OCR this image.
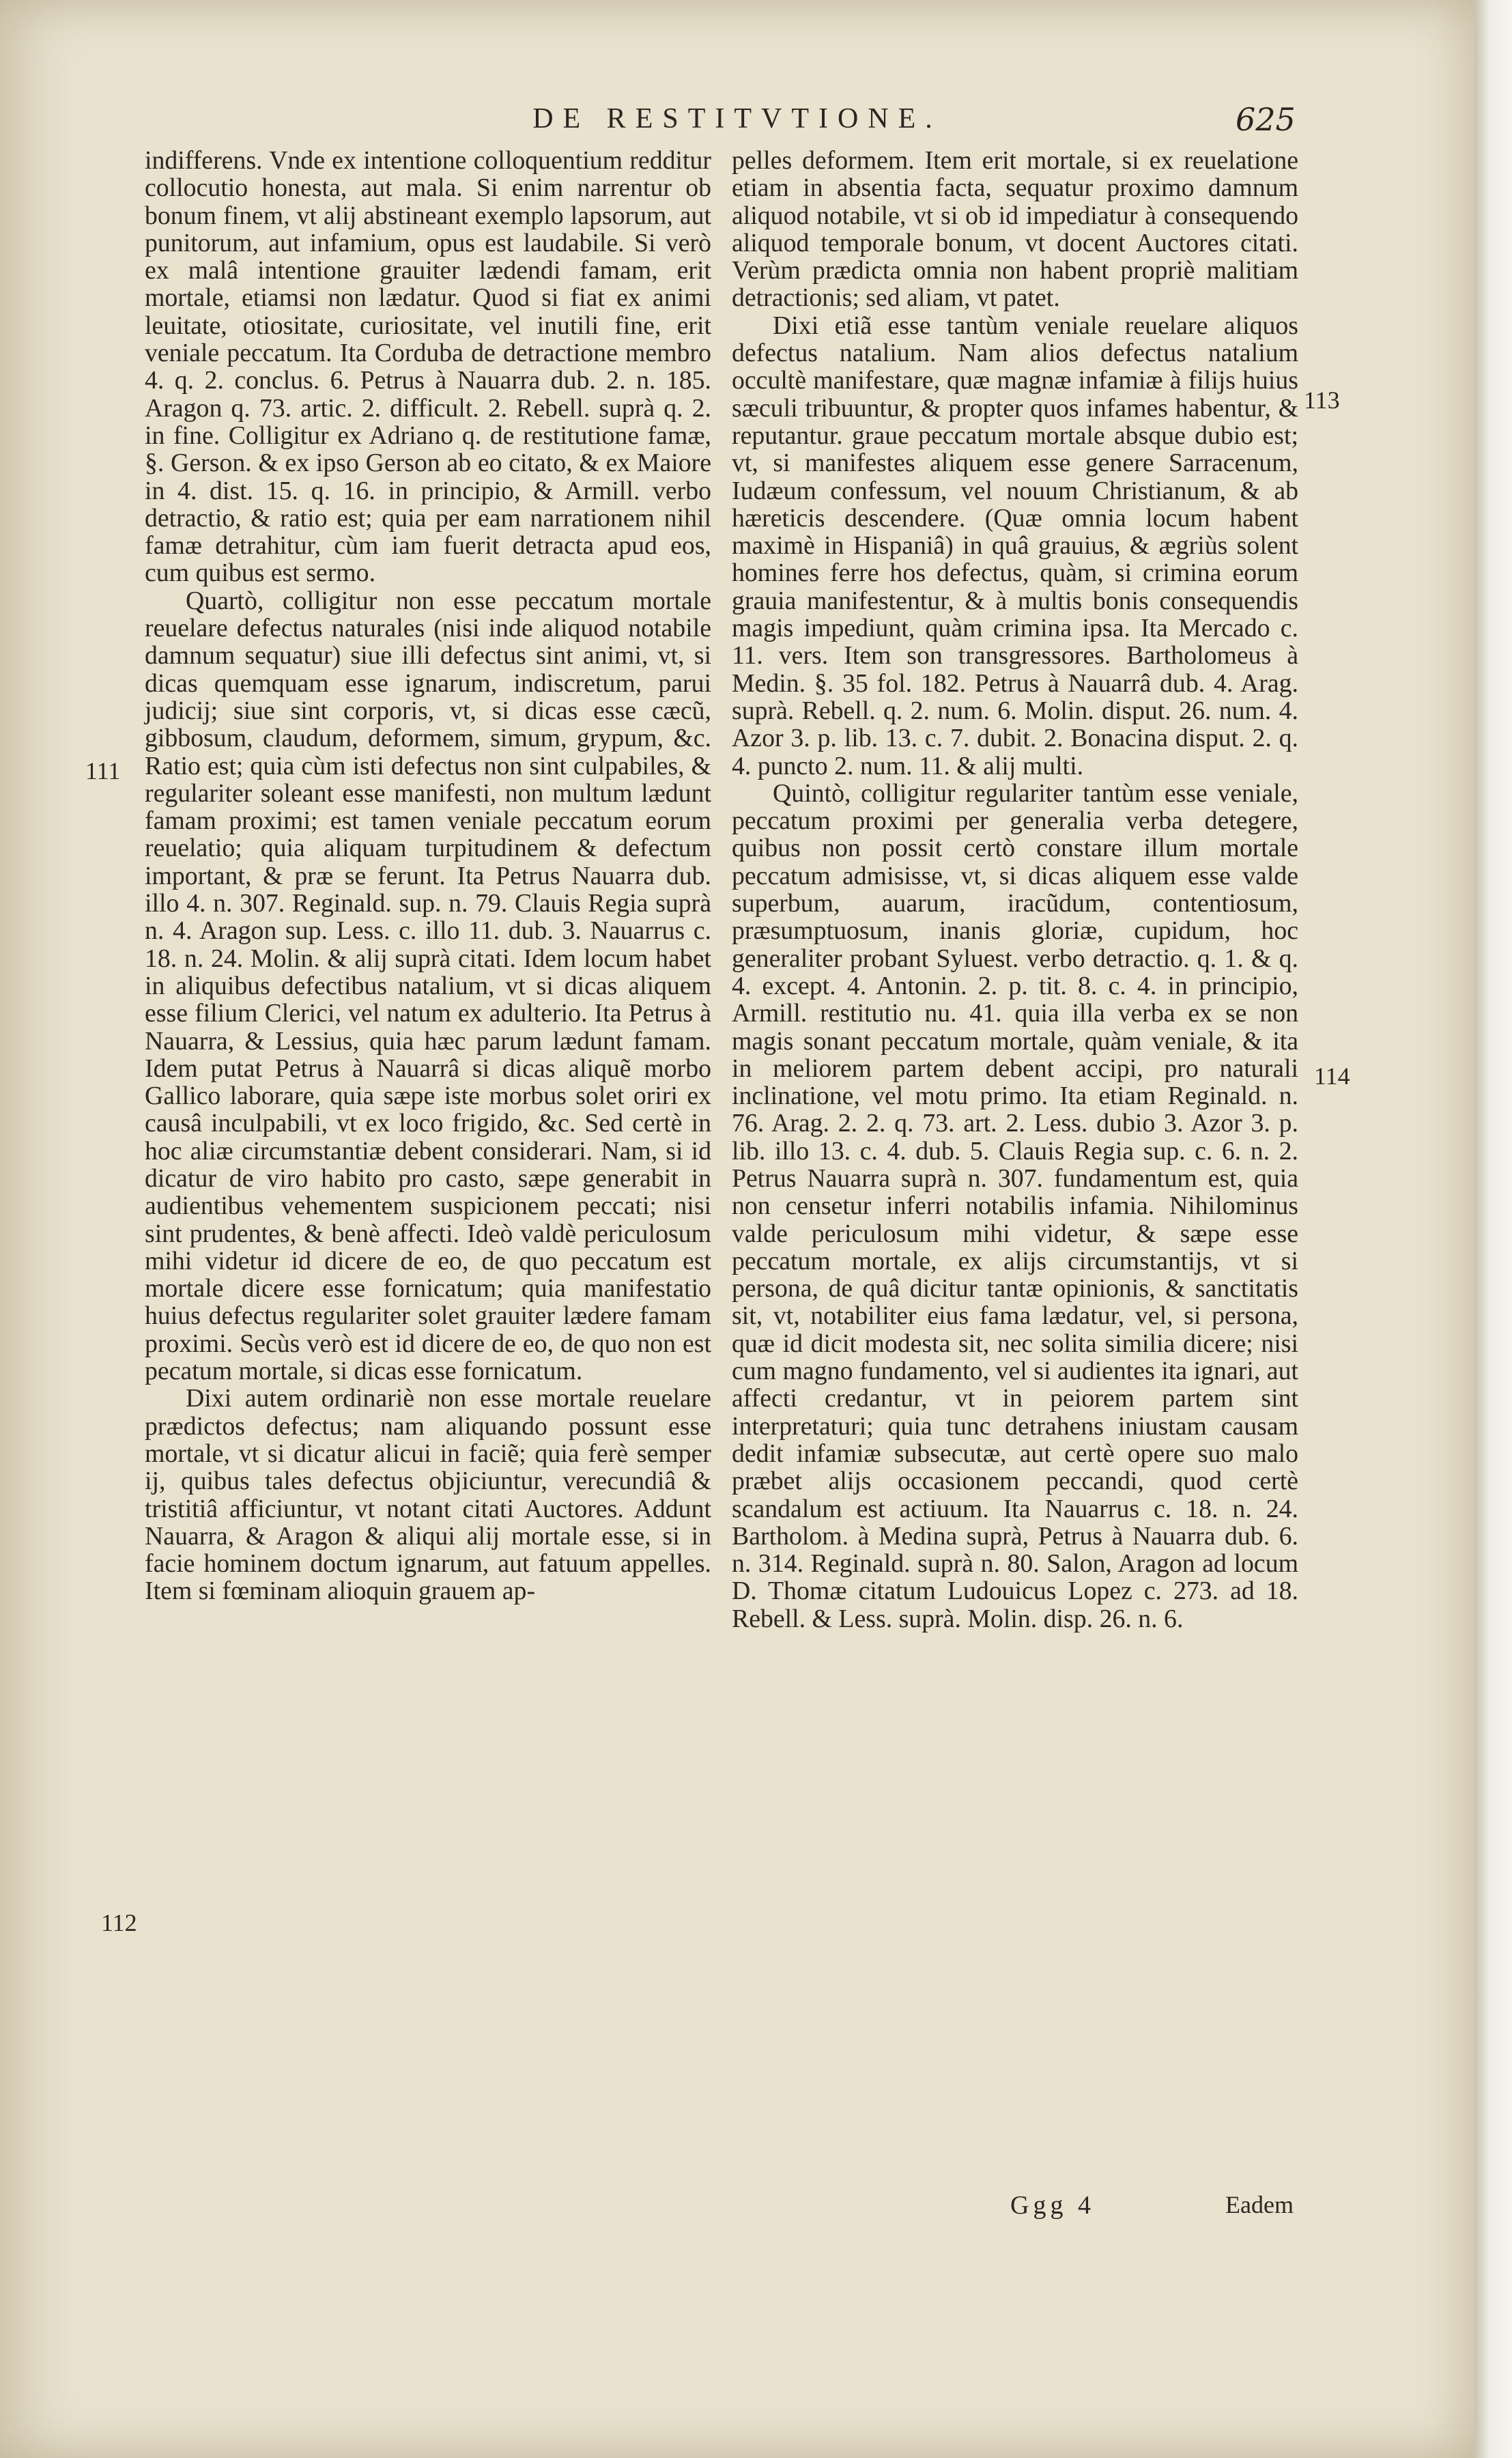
DE RESTITVTIONE.	625

indifferens. Vnde ex intentione colloquentium redditur collocutio honesta, aut mala. Si enim narrentur ob bonum finem, vt alij abstineant exemplo lapsorum, aut punitorum, aut infamium, opus est laudabile. Si verò ex malâ intentione grauiter lædendi famam, erit mortale, etiamsi non lædatur. Quod si fiat ex animi leuitate, otiositate, curiositate, vel inutili fine, erit veniale peccatum. Ita Corduba de detractione membro 4. q. 2. conclus. 6. Petrus à Nauarra dub. 2. n. 185. Aragon q. 73. artic. 2. difficult. 2. Rebell. suprà q. 2. in fine. Colligitur ex Adriano q. de restitutione famæ, §. Gerson. & ex ipso Gerson ab eo citato, & ex Maiore in 4. dist. 15. q. 16. in principio, & Armill. verbo detractio, & ratio est; quia per eam narrationem nihil famæ detrahitur, cùm iam fuerit detracta apud eos, cum quibus est sermo.

Quartò, colligitur non esse peccatum mortale reuelare defectus naturales (nisi inde aliquod notabile damnum sequatur) siue illi defectus sint animi, vt, si dicas quemquam esse ignarum, indiscretum, parui judicij; siue sint corporis, vt, si dicas esse cæcũ, gibbosum, claudum, deformem, simum, grypum, &c. Ratio est; quia cùm isti defectus non sint culpabiles, & regulariter soleant esse manifesti, non multum lædunt famam proximi; est tamen veniale peccatum eorum reuelatio; quia aliquam turpitudinem & defectum important, & præ se ferunt. Ita Petrus Nauarra dub. illo 4. n. 307. Reginald. sup. n. 79. Clauis Regia suprà n. 4. Aragon sup. Less. c. illo 11. dub. 3. Nauarrus c. 18. n. 24. Molin. & alij suprà citati. Idem locum habet in aliquibus defectibus natalium, vt si dicas aliquem esse filium Clerici, vel natum ex adulterio. Ita Petrus à Nauarra, & Lessius, quia hæc parum lædunt famam. Idem putat Petrus à Nauarrâ si dicas aliquẽ morbo Gallico laborare, quia sæpe iste morbus solet oriri ex causâ inculpabili, vt ex loco frigido, &c. Sed certè in hoc aliæ circumstantiæ debent considerari. Nam, si id dicatur de viro habito pro casto, sæpe generabit in audientibus vehementem suspicionem peccati; nisi sint prudentes, & benè affecti. Ideò valdè periculosum mihi videtur id dicere de eo, de quo peccatum est mortale dicere esse fornicatum; quia manifestatio huius defectus regulariter solet grauiter lædere famam proximi. Secùs verò est id dicere de eo, de quo non est pecatum mortale, si dicas esse fornicatum.

Dixi autem ordinariè non esse mortale reuelare prædictos defectus; nam aliquando possunt esse mortale, vt si dicatur alicui in faciẽ; quia ferè semper ij, quibus tales defectus objiciuntur, verecundiâ & tristitiâ afficiuntur, vt notant citati Auctores. Addunt Nauarra, & Aragon & aliqui alij mortale esse, si in facie hominem doctum ignarum, aut fatuum appelles. Item si fœminam alioquin grauem ap-

pelles deformem. Item erit mortale, si ex reuelatione etiam in absentia facta, sequatur proximo damnum aliquod notabile, vt si ob id impediatur à consequendo aliquod temporale bonum, vt docent Auctores citati. Verùm prædicta omnia non habent propriè malitiam detractionis; sed aliam, vt patet.

Dixi etiã esse tantùm veniale reuelare aliquos defectus natalium. Nam alios defectus natalium occultè manifestare, quæ magnæ infamiæ à filijs huius sæculi tribuuntur, & propter quos infames habentur, & reputantur. graue peccatum mortale absque dubio est; vt, si manifestes aliquem esse genere Sarracenum, Iudæum confessum, vel nouum Christianum, & ab hæreticis descendere. (Quæ omnia locum habent maximè in Hispaniâ) in quâ grauius, & ægriùs solent homines ferre hos defectus, quàm, si crimina eorum grauia manifestentur, & à multis bonis consequendis magis impediunt, quàm crimina ipsa. Ita Mercado c. 11. vers. Item son transgressores. Bartholomeus à Medin. §. 35 fol. 182. Petrus à Nauarrâ dub. 4. Arag. suprà. Rebell. q. 2. num. 6. Molin. disput. 26. num. 4. Azor 3. p. lib. 13. c. 7. dubit. 2. Bonacina disput. 2. q. 4. puncto 2. num. 11. & alij multi.

Quintò, colligitur regulariter tantùm esse veniale, peccatum proximi per generalia verba detegere, quibus non possit certò constare illum mortale peccatum admisisse, vt, si dicas aliquem esse valde superbum, auarum, iracũdum, contentiosum, præsumptuosum, inanis gloriæ, cupidum, hoc generaliter probant Syluest. verbo detractio. q. 1. & q. 4. except. 4. Antonin. 2. p. tit. 8. c. 4. in principio, Armill. restitutio nu. 41. quia illa verba ex se non magis sonant peccatum mortale, quàm veniale, & ita in meliorem partem debent accipi, pro naturali inclinatione, vel motu primo. Ita etiam Reginald. n. 76. Arag. 2. 2. q. 73. art. 2. Less. dubio 3. Azor 3. p. lib. illo 13. c. 4. dub. 5. Clauis Regia sup. c. 6. n. 2. Petrus Nauarra suprà n. 307. fundamentum est, quia non censetur inferri notabilis infamia. Nihilominus valde periculosum mihi videtur, & sæpe esse peccatum mortale, ex alijs circumstantijs, vt si persona, de quâ dicitur tantæ opinionis, & sanctitatis sit, vt, notabiliter eius fama lædatur, vel, si persona, quæ id dicit modesta sit, nec solita similia dicere; nisi cum magno fundamento, vel si audientes ita ignari, aut affecti credantur, vt in peiorem partem sint interpretaturi; quia tunc detrahens iniustam causam dedit infamiæ subsecutæ, aut certè opere suo malo præbet alijs occasionem peccandi, quod certè scandalum est actiuum. Ita Nauarrus c. 18. n. 24. Bartholom. à Medina suprà, Petrus à Nauarra dub. 6. n. 314. Reginald. suprà n. 80. Salon, Aragon ad locum D. Thomæ citatum Ludouicus Lopez c. 273. ad 18. Rebell. & Less. suprà. Molin. disp. 26. n. 6.

111
112
113
114
Ggg 4	Eadem
